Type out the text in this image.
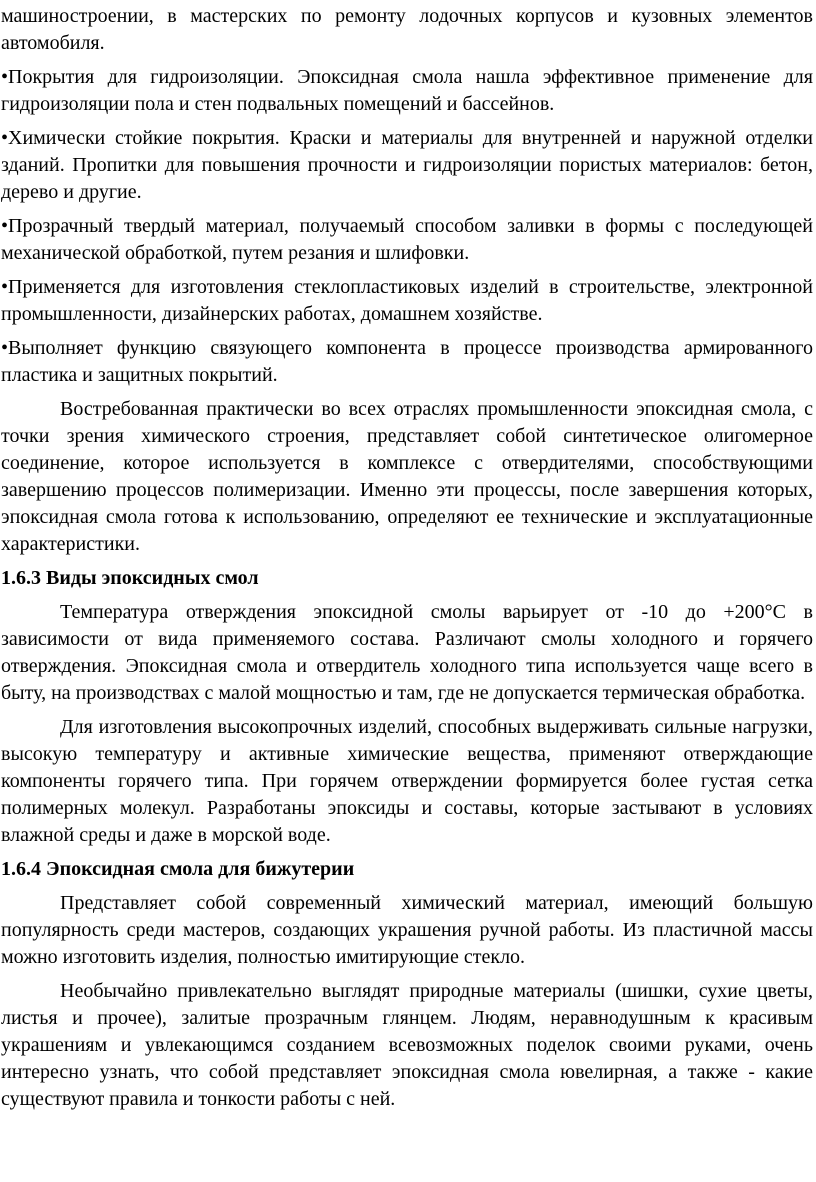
машиностроении, в мастерских по ремонту лодочных корпусов и кузовных элементов автомобиля.

•Покрытия для гидроизоляции. Эпоксидная смола нашла эффективное применение для гидроизоляции пола и стен подвальных помещений и бассейнов.

•Химически стойкие покрытия. Краски и материалы для внутренней и наружной отделки зданий. Пропитки для повышения прочности и гидроизоляции пористых материалов: бетон, дерево и другие.

•Прозрачный твердый материал, получаемый способом заливки в формы с последующей механической обработкой, путем резания и шлифовки.

•Применяется для изготовления стеклопластиковых изделий в строительстве, электронной промышленности, дизайнерских работах, домашнем хозяйстве.

•Выполняет функцию связующего компонента в процессе производства армированного пластика и защитных покрытий.

Востребованная практически во всех отраслях промышленности эпоксидная смола, с точки зрения химического строения, представляет собой синтетическое олигомерное соединение, которое используется в комплексе с отвердителями, способствующими завершению процессов полимеризации. Именно эти процессы, после завершения которых, эпоксидная смола готова к использованию, определяют ее технические и эксплуатационные характеристики.

1.6.3 Виды эпоксидных смол

Температура отверждения эпоксидной смолы варьирует от -10 до +200°С в зависимости от вида применяемого состава. Различают смолы холодного и горячего отверждения. Эпоксидная смола и отвердитель холодного типа используется чаще всего в быту, на производствах с малой мощностью и там, где не допускается термическая обработка.

Для изготовления высокопрочных изделий, способных выдерживать сильные нагрузки, высокую температуру и активные химические вещества, применяют отверждающие компоненты горячего типа. При горячем отверждении формируется более густая сетка полимерных молекул. Разработаны эпоксиды и составы, которые застывают в условиях влажной среды и даже в морской воде.

1.6.4 Эпоксидная смола для бижутерии

Представляет собой современный химический материал, имеющий большую популярность среди мастеров, создающих украшения ручной работы. Из пластичной массы можно изготовить изделия, полностью имитирующие стекло.

Необычайно привлекательно выглядят природные материалы (шишки, сухие цветы, листья и прочее), залитые прозрачным глянцем. Людям, неравнодушным к красивым украшениям и увлекающимся созданием всевозможных поделок своими руками, очень интересно узнать, что собой представляет эпоксидная смола ювелирная, а также - какие существуют правила и тонкости работы с ней.
